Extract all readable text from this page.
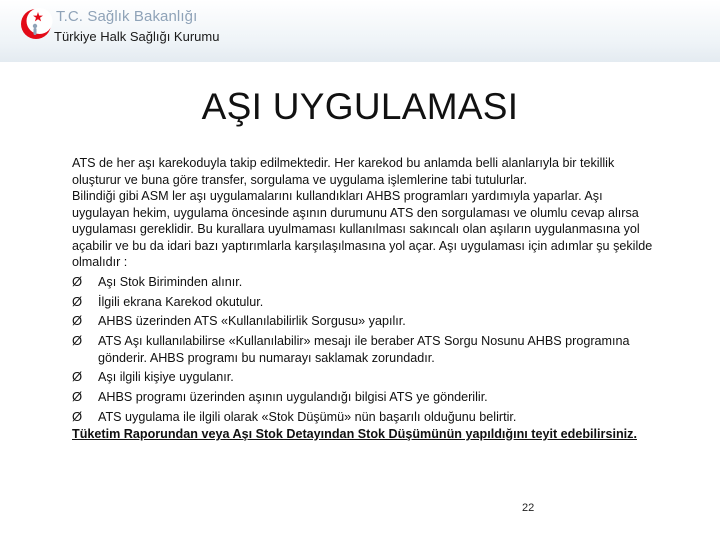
T.C. Sağlık Bakanlığı
Türkiye Halk Sağlığı Kurumu
AŞI UYGULAMASI

ATS de her aşı karekoduyla takip edilmektedir. Her karekod bu anlamda belli alanlarıyla bir tekillik oluşturur ve buna göre transfer, sorgulama ve uygulama işlemlerine tabi tutulurlar.

Bilindiği gibi ASM ler aşı uygulamalarını kullandıkları AHBS programları yardımıyla yaparlar. Aşı uygulayan hekim, uygulama öncesinde aşının durumunu ATS den sorgulaması ve olumlu cevap alırsa uygulaması gereklidir. Bu kurallara uyulmaması kullanılması sakıncalı olan aşıların uygulanmasına yol açabilir ve bu da idari bazı yaptırımlarla karşılaşılmasına yol açar. Aşı uygulaması için adımlar şu şekilde olmalıdır :

Ø	Aşı Stok Biriminden alınır.
Ø	İlgili ekrana Karekod okutulur.
Ø	AHBS üzerinden ATS «Kullanılabilirlik Sorgusu» yapılır.
Ø	ATS Aşı kullanılabilirse «Kullanılabilir» mesajı ile beraber ATS Sorgu Nosunu AHBS programına gönderir. AHBS programı bu numarayı saklamak zorundadır.
Ø	Aşı ilgili kişiye uygulanır.
Ø	AHBS programı üzerinden aşının uygulandığı bilgisi ATS ye gönderilir.
Ø	ATS uygulama ile ilgili olarak «Stok Düşümü» nün başarılı olduğunu belirtir.

Tüketim Raporundan veya Aşı Stok Detayından Stok Düşümünün yapıldığını teyit edebilirsiniz.

22
